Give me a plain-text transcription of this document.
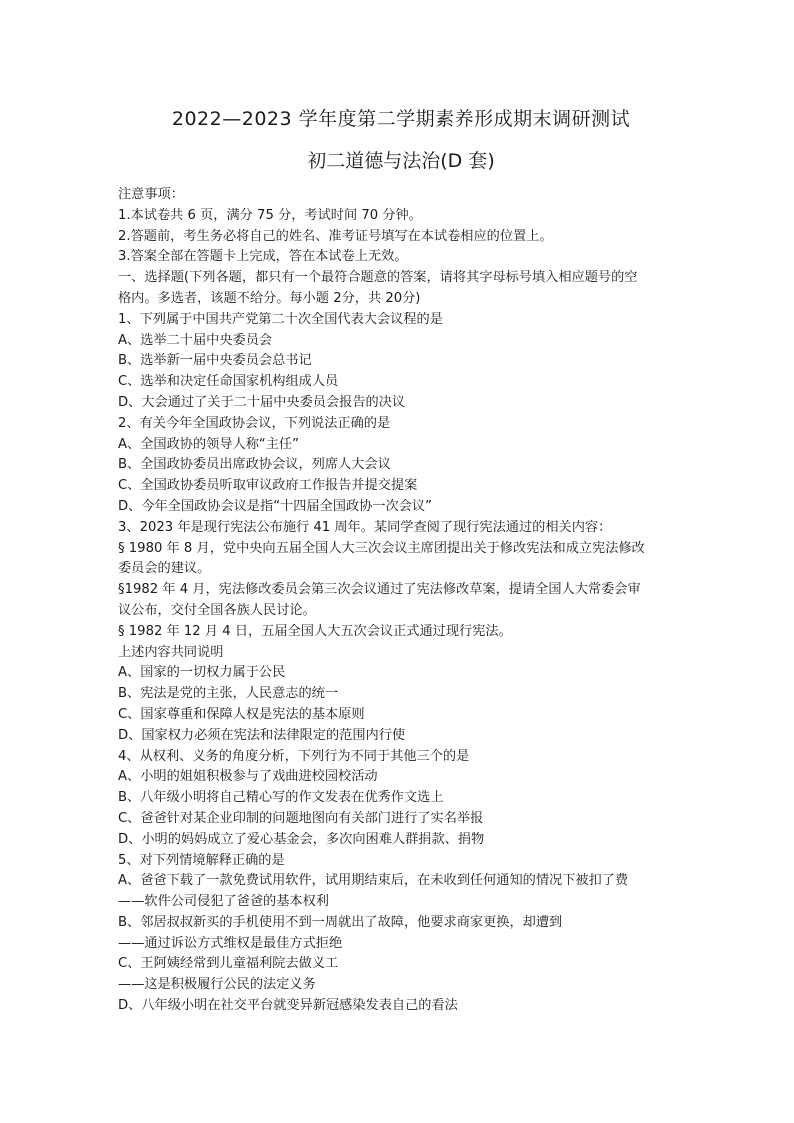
2022—2023 学年度第二学期素养形成期末调研测试
初二道德与法治(D 套)

注意事项：

1.本试卷共 6 页，满分 75 分，考试时间 70 分钟。

2.答题前，考生务必将自己的姓名、准考证号填写在本试卷相应的位置上。

3.答案全部在答题卡上完成，答在本试卷上无效。

一、选择题(下列各题，都只有一个最符合题意的答案，请将其字母标号填入相应题号的空

格内。多选者，该题不给分。每小题 2分，共 20分)

1、下列属于中国共产党第二十次全国代表大会议程的是

A、选举二十届中央委员会

B、选举新一届中央委员会总书记

C、选举和决定任命国家机构组成人员

D、大会通过了关于二十届中央委员会报告的决议

2、有关今年全国政协会议，下列说法正确的是

A、全国政协的领导人称“主任”

B、全国政协委员出席政协会议，列席人大会议

C、全国政协委员听取审议政府工作报告并提交提案

D、今年全国政协会议是指“十四届全国政协一次会议”

3、2023 年是现行宪法公布施行 41 周年。某同学查阅了现行宪法通过的相关内容：

§ 1980 年 8 月，党中央向五届全国人大三次会议主席团提出关于修改宪法和成立宪法修改

委员会的建议。

§1982 年 4 月，宪法修改委员会第三次会议通过了宪法修改草案，提请全国人大常委会审

议公布，交付全国各族人民讨论。

§ 1982 年 12 月 4 日，五届全国人大五次会议正式通过现行宪法。

上述内容共同说明

A、国家的一切权力属于公民

B、宪法是党的主张，人民意志的统一

C、国家尊重和保障人权是宪法的基本原则

D、国家权力必须在宪法和法律限定的范围内行使

4、从权利、义务的角度分析，下列行为不同于其他三个的是

A、小明的姐姐积极参与了戏曲进校园校活动

B、八年级小明将自己精心写的作文发表在优秀作文选上

C、爸爸针对某企业印制的问题地图向有关部门进行了实名举报

D、小明的妈妈成立了爱心基金会，多次向困难人群捐款、捐物

5、对下列情境解释正确的是

A、爸爸下载了一款免费试用软件，试用期结束后，在未收到任何通知的情况下被扣了费

——软件公司侵犯了爸爸的基本权利

B、邻居叔叔新买的手机使用不到一周就出了故障，他要求商家更换，却遭到

——通过诉讼方式维权是最佳方式拒绝

C、王阿姨经常到儿童福利院去做义工

——这是积极履行公民的法定义务

D、八年级小明在社交平台就变异新冠感染发表自己的看法
